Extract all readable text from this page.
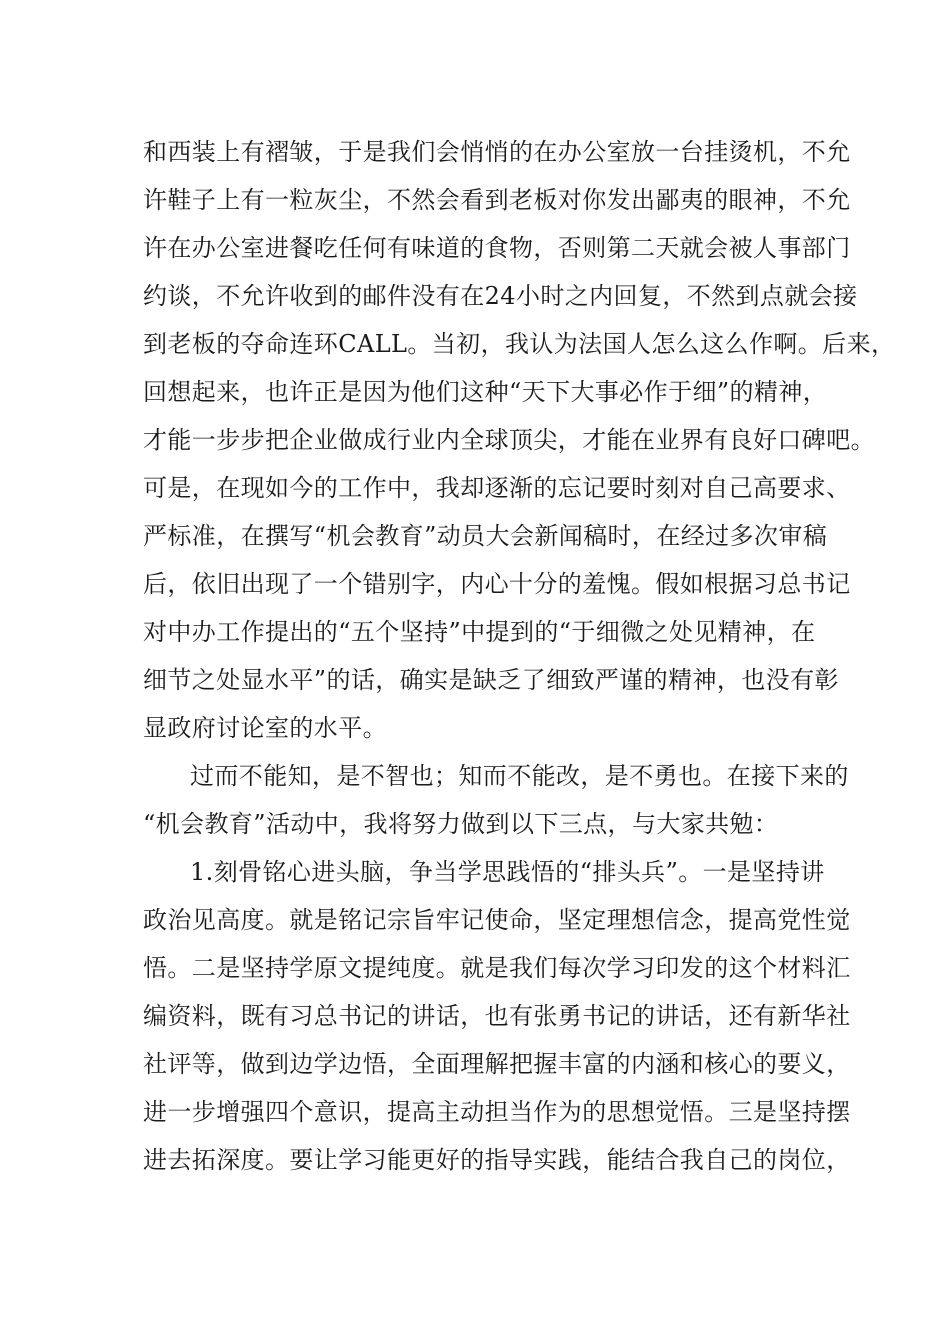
和西装上有褶皱，于是我们会悄悄的在办公室放一台挂烫机，不允
许鞋子上有一粒灰尘，不然会看到老板对你发出鄙夷的眼神，不允
许在办公室进餐吃任何有味道的食物，否则第二天就会被人事部门
约谈，不允许收到的邮件没有在24小时之内回复，不然到点就会接
到老板的夺命连环CALL。当初，我认为法国人怎么这么作啊。后来，
回想起来，也许正是因为他们这种“天下大事必作于细”的精神，
才能一步步把企业做成行业内全球顶尖，才能在业界有良好口碑吧。
可是，在现如今的工作中，我却逐渐的忘记要时刻对自己高要求、
严标准，在撰写“机会教育”动员大会新闻稿时，在经过多次审稿
后，依旧出现了一个错别字，内心十分的羞愧。假如根据习总书记
对中办工作提出的“五个坚持”中提到的“于细微之处见精神，在
细节之处显水平”的话，确实是缺乏了细致严谨的精神，也没有彰
显政府讨论室的水平。
过而不能知，是不智也；知而不能改，是不勇也。在接下来的
“机会教育”活动中，我将努力做到以下三点，与大家共勉：
1.刻骨铭心进头脑，争当学思践悟的“排头兵”。一是坚持讲
政治见高度。就是铭记宗旨牢记使命，坚定理想信念，提高党性觉
悟。二是坚持学原文提纯度。就是我们每次学习印发的这个材料汇
编资料，既有习总书记的讲话，也有张勇书记的讲话，还有新华社
社评等，做到边学边悟，全面理解把握丰富的内涵和核心的要义，
进一步增强四个意识，提高主动担当作为的思想觉悟。三是坚持摆
进去拓深度。要让学习能更好的指导实践，能结合我自己的岗位，
